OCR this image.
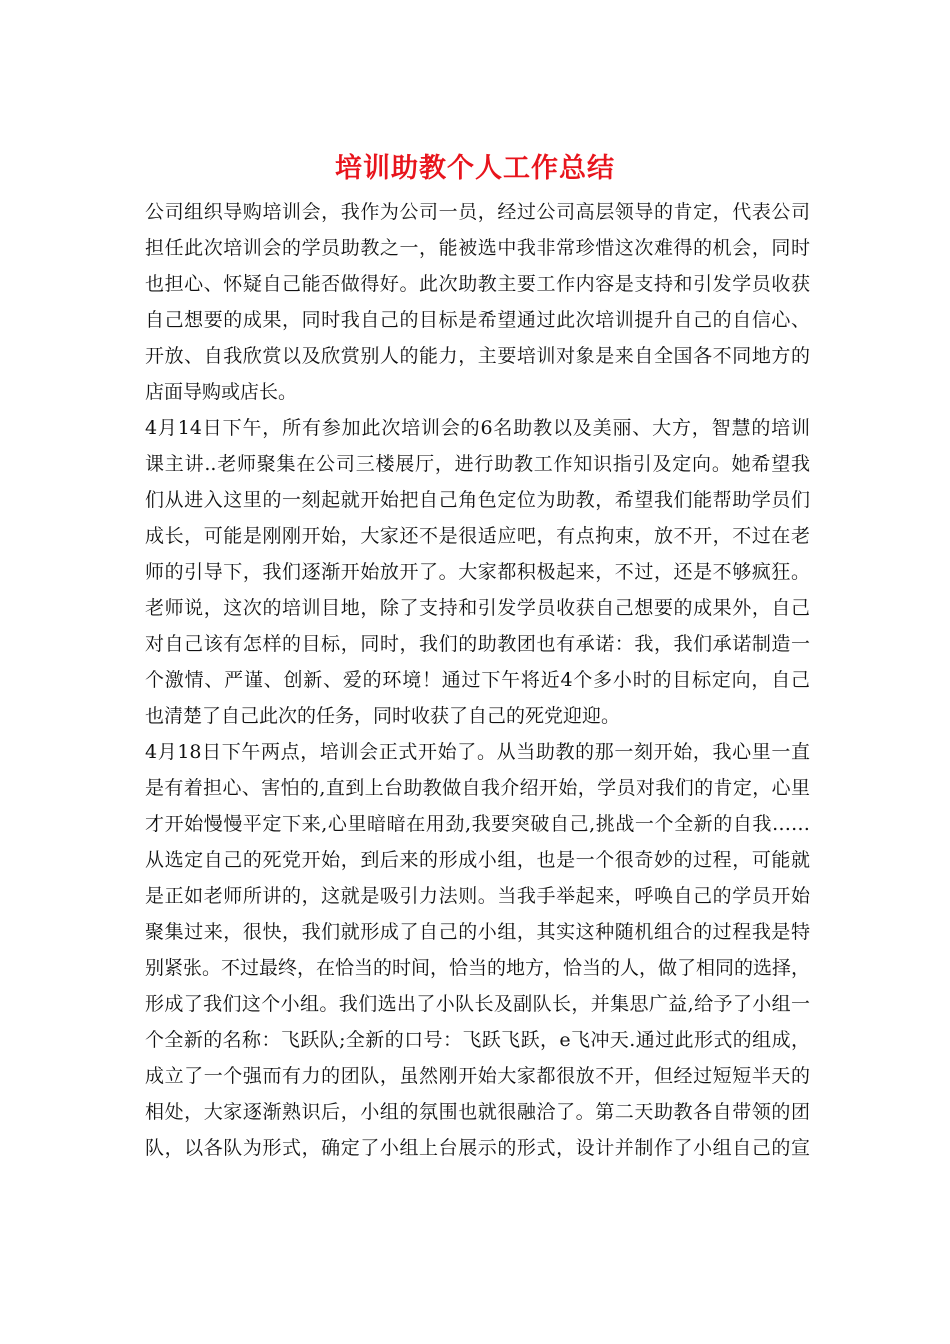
培训助教个人工作总结
公司组织导购培训会，我作为公司一员，经过公司高层领导的肯定，代表公司
担任此次培训会的学员助教之一，能被选中我非常珍惜这次难得的机会，同时
也担心、怀疑自己能否做得好。此次助教主要工作内容是支持和引发学员收获
自己想要的成果，同时我自己的目标是希望通过此次培训提升自己的自信心、
开放、自我欣赏以及欣赏别人的能力，主要培训对象是来自全国各不同地方的
店面导购或店长。
4月14日下午，所有参加此次培训会的6名助教以及美丽、大方，智慧的培训
课主讲..老师聚集在公司三楼展厅，进行助教工作知识指引及定向。她希望我
们从进入这里的一刻起就开始把自己角色定位为助教，希望我们能帮助学员们
成长，可能是刚刚开始，大家还不是很适应吧，有点拘束，放不开，不过在老
师的引导下，我们逐渐开始放开了。大家都积极起来，不过，还是不够疯狂。
老师说，这次的培训目地，除了支持和引发学员收获自己想要的成果外，自己
对自己该有怎样的目标，同时，我们的助教团也有承诺：我，我们承诺制造一
个激情、严谨、创新、爱的环境！通过下午将近4个多小时的目标定向，自己
也清楚了自己此次的任务，同时收获了自己的死党迎迎。
4月18日下午两点，培训会正式开始了。从当助教的那一刻开始，我心里一直
是有着担心、害怕的,直到上台助教做自我介绍开始，学员对我们的肯定，心里
才开始慢慢平定下来,心里暗暗在用劲,我要突破自己,挑战一个全新的自我……
从选定自己的死党开始，到后来的形成小组，也是一个很奇妙的过程，可能就
是正如老师所讲的，这就是吸引力法则。当我手举起来，呼唤自己的学员开始
聚集过来，很快，我们就形成了自己的小组，其实这种随机组合的过程我是特
别紧张。不过最终，在恰当的时间，恰当的地方，恰当的人，做了相同的选择，
形成了我们这个小组。我们选出了小队长及副队长，并集思广益,给予了小组一
个全新的名称：飞跃队;全新的口号：飞跃飞跃，e飞冲天.通过此形式的组成，
成立了一个强而有力的团队，虽然刚开始大家都很放不开，但经过短短半天的
相处，大家逐渐熟识后，小组的氛围也就很融洽了。第二天助教各自带领的团
队，以各队为形式，确定了小组上台展示的形式，设计并制作了小组自己的宣
